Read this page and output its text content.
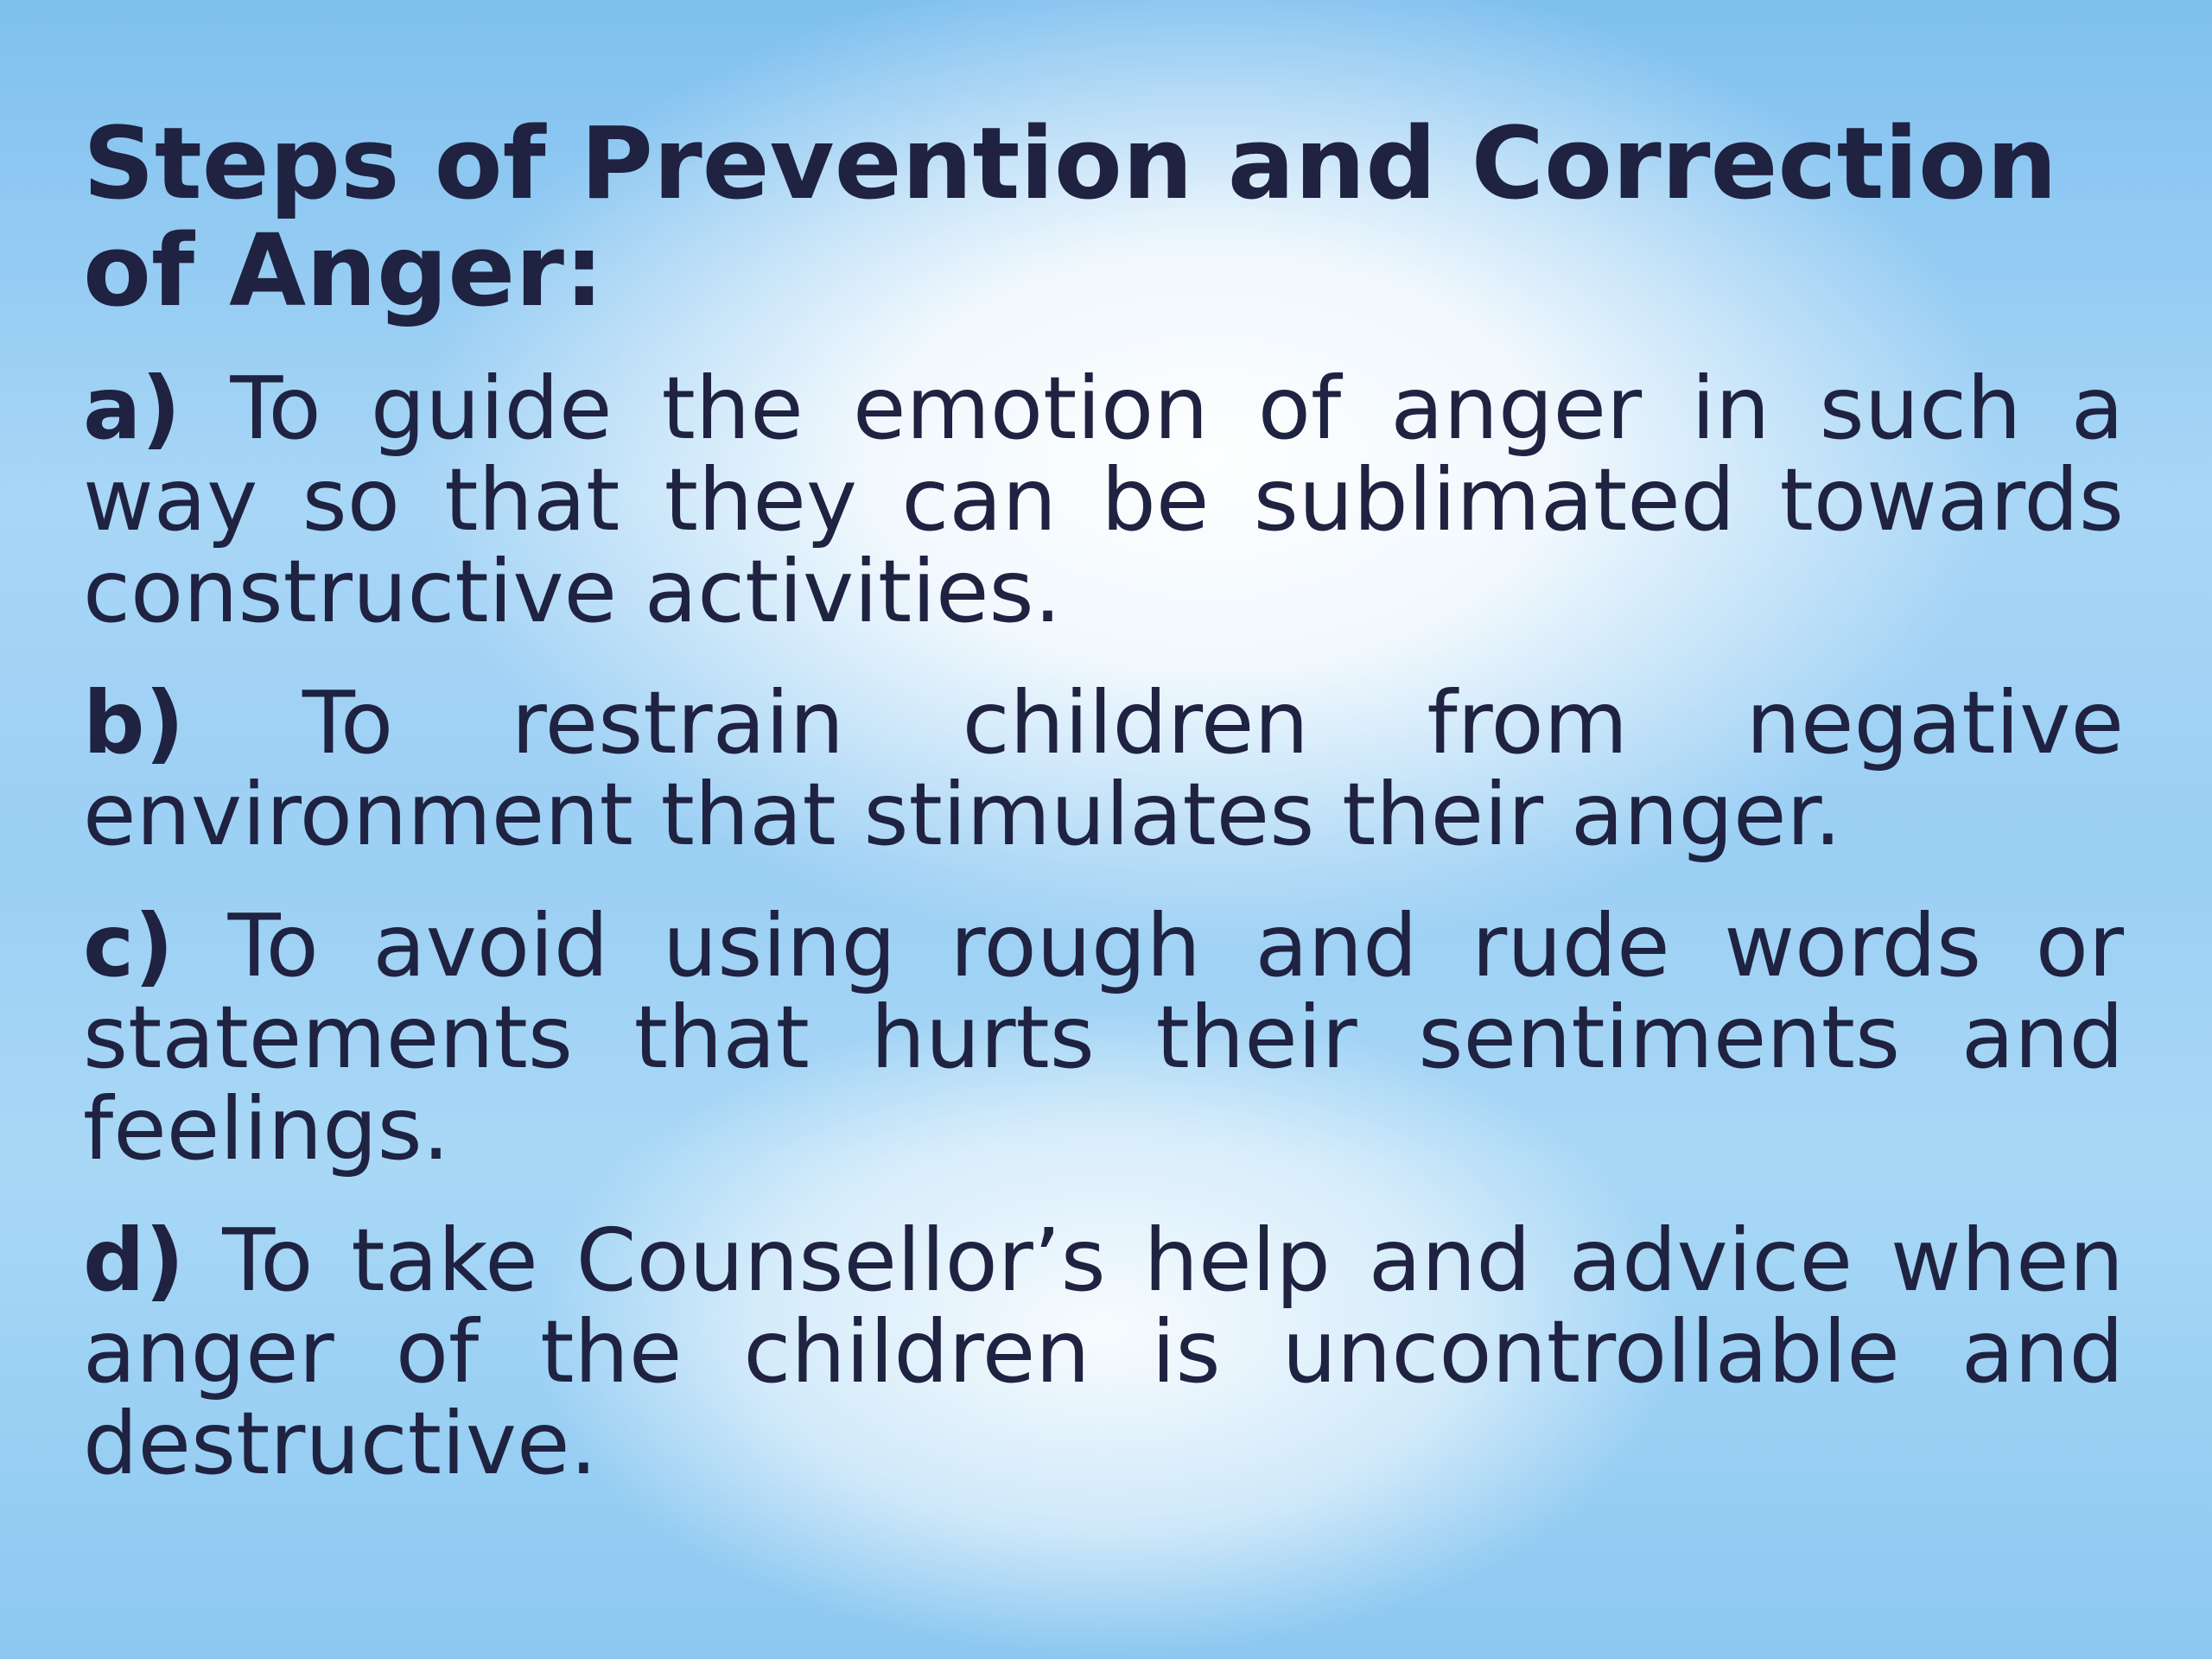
Steps of Prevention and Correction of Anger:

a) To guide the emotion of anger in such a way so that they can be sublimated towards constructive activities.

b) To restrain children from negative environment that stimulates their anger.

c) To avoid using rough and rude words or statements that hurts their sentiments and feelings.

d) To take Counsellor’s help and advice when anger of the children is uncontrollable and destructive.
